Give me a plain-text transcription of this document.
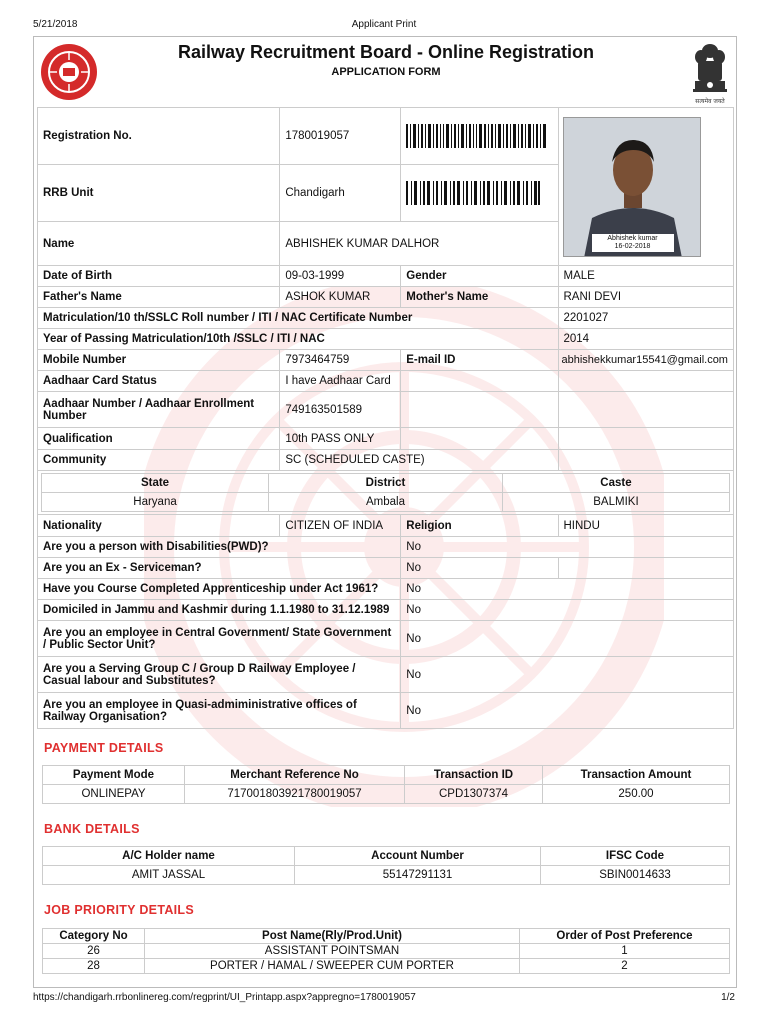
5/21/2018	Applicant Print
Railway Recruitment Board - Online Registration
APPLICATION FORM
सत्यमेव जयते
Registration No.	1780019057	

Abhishek kumar
16-02-2018

RRB Unit	Chandigarh	

Name	ABHISHEK KUMAR DALHOR
Date of Birth	09-03-1999	Gender	MALE
Father's Name	ASHOK KUMAR	Mother's Name	RANI DEVI
Matriculation/10 th/SSLC Roll number / ITI / NAC Certificate Number	2201027
Year of Passing Matriculation/10th /SSLC / ITI / NAC	2014
Mobile Number	7973464759	E-mail ID	abhishekkumar15541@gmail.com
Aadhaar Card Status	I have Aadhaar Card		
Aadhaar Number / Aadhaar Enrollment Number	749163501589		
Qualification	10th PASS ONLY		
Community	SC (SCHEDULED CASTE)	

State	District	Caste
Haryana	Ambala	BALMIKI

Nationality	CITIZEN OF INDIA	Religion	HINDU
Are you a person with Disabilities(PWD)?	No
Are you an Ex - Serviceman?	No	
Have you Course Completed Apprenticeship under Act 1961?	No
Domiciled in Jammu and Kashmir during 1.1.1980 to 31.12.1989	No
Are you an employee in Central Government/ State Government / Public Sector Unit?	No
Are you a Serving Group C / Group D Railway Employee / Casual labour and Substitutes?	No
Are you an employee in Quasi-admiministrative offices of Railway Organisation?	No
PAYMENT DETAILS
Payment Mode	Merchant Reference No	Transaction ID	Transaction Amount
ONLINEPAY	717001803921780019057	CPD1307374	250.00
BANK DETAILS
A/C Holder name	Account Number	IFSC Code
AMIT JASSAL	55147291131	SBIN0014633
JOB PRIORITY DETAILS
Category No	Post Name(Rly/Prod.Unit)	Order of Post Preference
26	ASSISTANT POINTSMAN	1
28	PORTER / HAMAL / SWEEPER CUM PORTER	2
https://chandigarh.rrbonlinereg.com/regprint/UI_Printapp.aspx?appregno=1780019057	1/2
